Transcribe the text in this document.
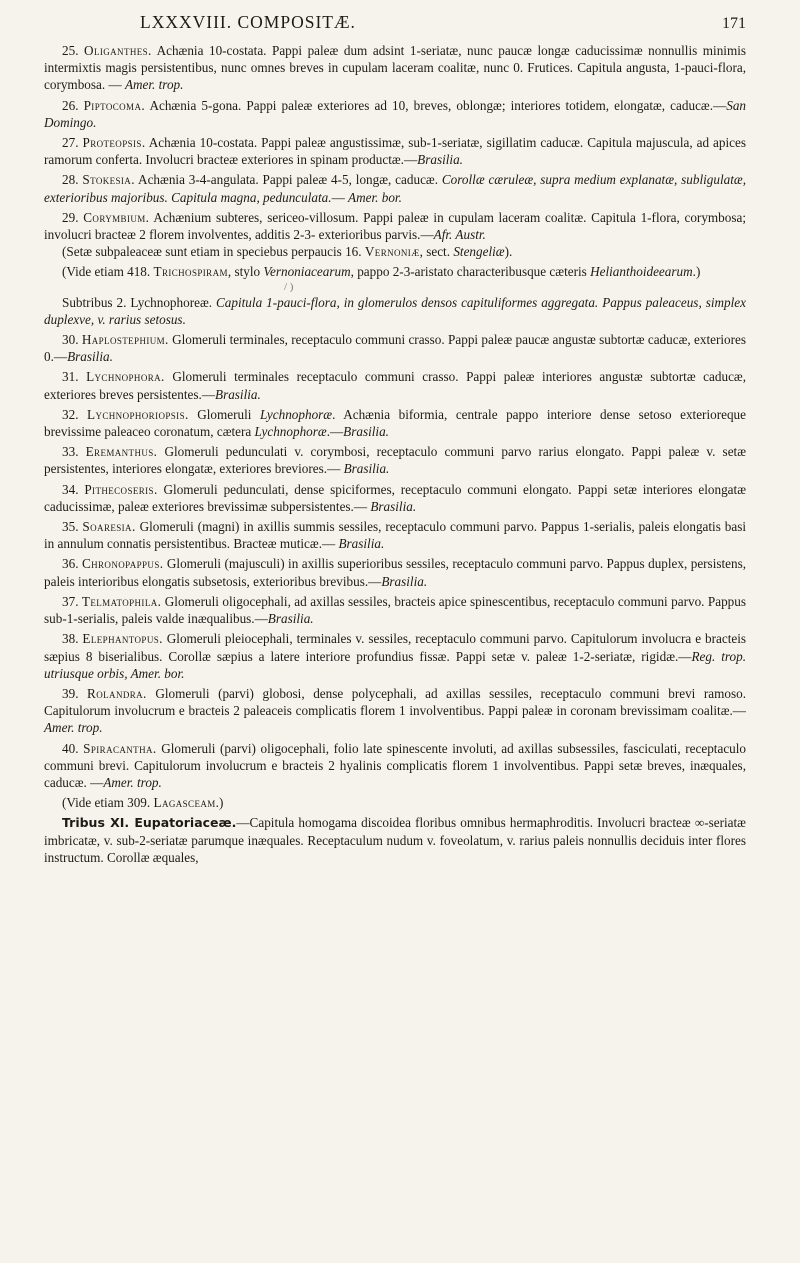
LXXXVIII. COMPOSITÆ.	171

25. Oliganthes. Achænia 10-costata. Pappi paleæ dum adsint 1-seriatæ, nunc paucæ longæ caducissimæ nonnullis minimis intermixtis magis persistentibus, nunc omnes breves in cupulam laceram coalitæ, nunc 0. Frutices. Capitula angusta, 1-pauci-flora, corymbosa. — Amer. trop.

26. Piptocoma. Achænia 5-gona. Pappi paleæ exteriores ad 10, breves, oblongæ; interiores totidem, elongatæ, caducæ.—San Domingo.

27. Proteopsis. Achænia 10-costata. Pappi paleæ angustissimæ, sub-1-seriatæ, sigillatim caducæ. Capitula majuscula, ad apices ramorum conferta. Involucri bracteæ exteriores in spinam productæ.—Brasilia.

28. Stokesia. Achænia 3-4-angulata. Pappi paleæ 4-5, longæ, caducæ. Corollæ cæruleæ, supra medium explanatæ, subligulatæ, exterioribus majoribus. Capitula magna, pedunculata.— Amer. bor.

29. Corymbium. Achænium subteres, sericeo-villosum. Pappi paleæ in cupulam laceram coalitæ. Capitula 1-flora, corymbosa; involucri bracteæ 2 florem involventes, additis 2-3- exterioribus parvis.—Afr. Austr.

(Setæ subpaleaceæ sunt etiam in speciebus perpaucis 16. Vernoniæ, sect. Stengeliæ).

(Vide etiam 418. Trichospiram, stylo Vernoniacearum, pappo 2-3-aristato characteribusque cæteris Helianthoideearum.)

/ )

Subtribus 2. Lychnophoreæ. Capitula 1-pauci-flora, in glomerulos densos capituliformes aggregata. Pappus paleaceus, simplex duplexve, v. rarius setosus.

30. Haplostephium. Glomeruli terminales, receptaculo communi crasso. Pappi paleæ paucæ angustæ subtortæ caducæ, exteriores 0.—Brasilia.

31. Lychnophora. Glomeruli terminales receptaculo communi crasso. Pappi paleæ interiores angustæ subtortæ caducæ, exteriores breves persistentes.—Brasilia.

32. Lychnophoriopsis. Glomeruli Lychnophoræ. Achænia biformia, centrale pappo interiore dense setoso exterioreque brevissime paleaceo coronatum, cætera Lychnophoræ.—Brasilia.

33. Eremanthus. Glomeruli pedunculati v. corymbosi, receptaculo communi parvo rarius elongato. Pappi paleæ v. setæ persistentes, interiores elongatæ, exteriores breviores.— Brasilia.

34. Pithecoseris. Glomeruli pedunculati, dense spiciformes, receptaculo communi elongato. Pappi setæ interiores elongatæ caducissimæ, paleæ exteriores brevissimæ subpersistentes.— Brasilia.

35. Soaresia. Glomeruli (magni) in axillis summis sessiles, receptaculo communi parvo. Pappus 1-serialis, paleis elongatis basi in annulum connatis persistentibus. Bracteæ muticæ.— Brasilia.

36. Chronopappus. Glomeruli (majusculi) in axillis superioribus sessiles, receptaculo communi parvo. Pappus duplex, persistens, paleis interioribus elongatis subsetosis, exterioribus brevibus.—Brasilia.

37. Telmatophila. Glomeruli oligocephali, ad axillas sessiles, bracteis apice spinescentibus, receptaculo communi parvo. Pappus sub-1-serialis, paleis valde inæqualibus.—Brasilia.

38. Elephantopus. Glomeruli pleiocephali, terminales v. sessiles, receptaculo communi parvo. Capitulorum involucra e bracteis sæpius 8 biserialibus. Corollæ sæpius a latere interiore profundius fissæ. Pappi setæ v. paleæ 1-2-seriatæ, rigidæ.—Reg. trop. utriusque orbis, Amer. bor.

39. Rolandra. Glomeruli (parvi) globosi, dense polycephali, ad axillas sessiles, receptaculo communi brevi ramoso. Capitulorum involucrum e bracteis 2 paleaceis complicatis florem 1 involventibus. Pappi paleæ in coronam brevissimam coalitæ.—Amer. trop.

40. Spiracantha. Glomeruli (parvi) oligocephali, folio late spinescente involuti, ad axillas subsessiles, fasciculati, receptaculo communi brevi. Capitulorum involucrum e bracteis 2 hyalinis complicatis florem 1 involventibus. Pappi setæ breves, inæquales, caducæ. —Amer. trop.

(Vide etiam 309. Lagasceam.)

Tribus XI. Eupatoriaceæ.—Capitula homogama discoidea floribus omnibus hermaphroditis. Involucri bracteæ ∞-seriatæ imbricatæ, v. sub-2-seriatæ parumque inæquales. Receptaculum nudum v. foveolatum, v. rarius paleis nonnullis deciduis inter flores instructum. Corollæ æquales,
